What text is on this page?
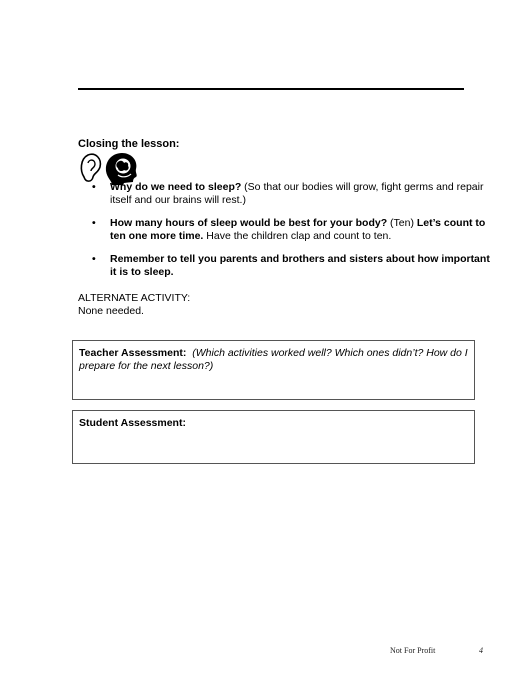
Closing the lesson:
• Why do we need to sleep? (So that our bodies will grow, fight germs and repair itself and our brains will rest.)
• How many hours of sleep would be best for your body? (Ten) Let’s count to ten one more time. Have the children clap and count to ten.
• Remember to tell you parents and brothers and sisters about how important it is to sleep.
ALTERNATE ACTIVITY:
None needed.
Teacher Assessment: (Which activities worked well? Which ones didn’t? How do I prepare for the next lesson?)
Student Assessment:
Not For Profit	4
